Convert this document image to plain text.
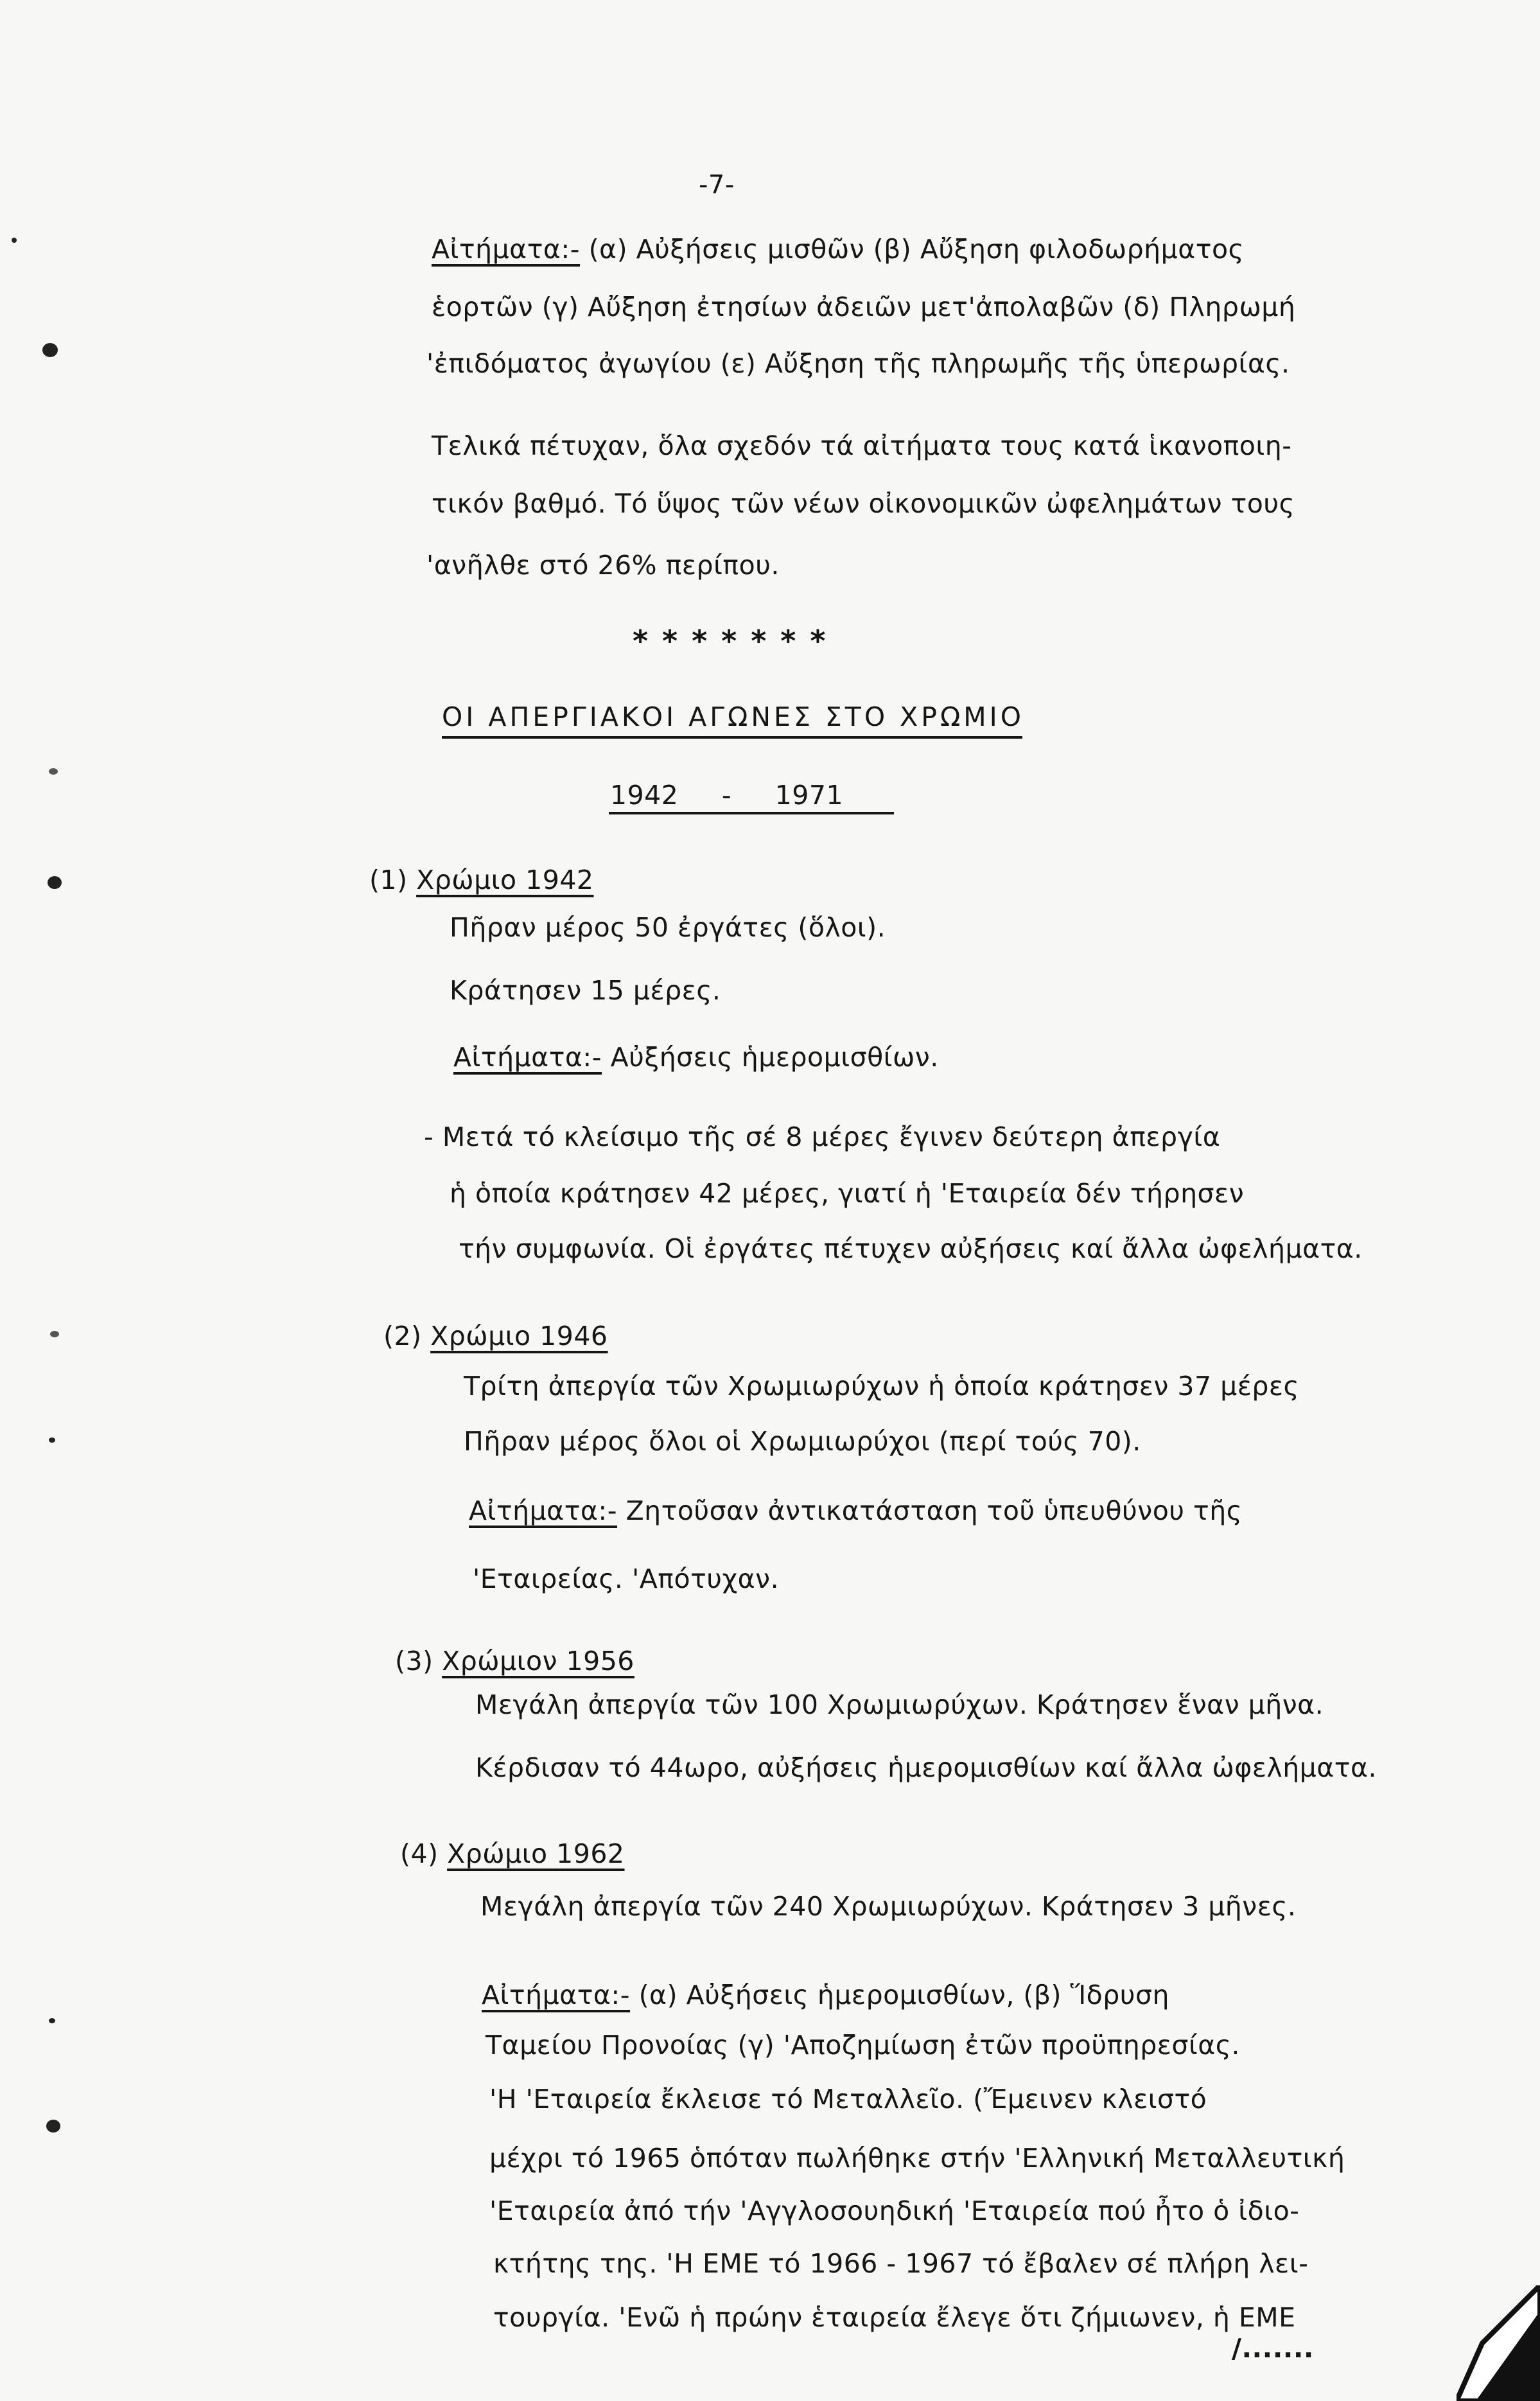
-7-
Αἰτήματα:- (α) Αὐξήσεις μισθῶν (β) Αὔξηση φιλοδωρήματος
ἑορτῶν (γ) Αὔξηση ἐτησίων ἀδειῶν μετ'ἀπολαβῶν (δ) Πληρωμή
'ἐπιδόματος ἀγωγίου (ε) Αὔξηση τῆς πληρωμῆς τῆς ὑπερωρίας.
Τελικά πέτυχαν, ὅλα σχεδόν τά αἰτήματα τους κατά ἱκανοποιη-
τικόν βαθμό. Τό ὕψος τῶν νέων οἰκονομικῶν ὠφελημάτων τους
'ανῆλθε στό 26% περίπου.
*******
ΟΙ ΑΠΕΡΓΙΑΚΟΙ ΑΓΩΝΕΣ ΣΤΟ ΧΡΩΜΙΟ
1942 - 1971
(1) Χρώμιο 1942
Πῆραν μέρος 50 ἐργάτες (ὅλοι).
Κράτησεν 15 μέρες.
Αἰτήματα:- Αὐξήσεις ἡμερομισθίων.
- Μετά τό κλείσιμο τῆς σέ 8 μέρες ἔγινεν δεύτερη ἀπεργία
ἡ ὁποία κράτησεν 42 μέρες, γιατί ἡ 'Εταιρεία δέν τήρησεν
τήν συμφωνία. Οἱ ἐργάτες πέτυχεν αὐξήσεις καί ἄλλα ὠφελήματα.
(2) Χρώμιο 1946
Τρίτη ἀπεργία τῶν Χρωμιωρύχων ἡ ὁποία κράτησεν 37 μέρες
Πῆραν μέρος ὅλοι οἱ Χρωμιωρύχοι (περί τούς 70).
Αἰτήματα:- Ζητοῦσαν ἀντικατάσταση τοῦ ὑπευθύνου τῆς
'Εταιρείας. 'Απότυχαν.
(3) Χρώμιον 1956
Μεγάλη ἀπεργία τῶν 100 Χρωμιωρύχων. Κράτησεν ἕναν μῆνα.
Κέρδισαν τό 44ωρο, αὐξήσεις ἡμερομισθίων καί ἄλλα ὠφελήματα.
(4) Χρώμιο 1962
Μεγάλη ἀπεργία τῶν 240 Χρωμιωρύχων. Κράτησεν 3 μῆνες.
Αἰτήματα:- (α) Αὐξήσεις ἡμερομισθίων, (β) Ἵδρυση
Ταμείου Προνοίας (γ) 'Αποζημίωση ἐτῶν προϋπηρεσίας.
'Η 'Εταιρεία ἔκλεισε τό Μεταλλεῖο. (Ἔμεινεν κλειστό
μέχρι τό 1965 ὁπόταν πωλήθηκε στήν 'Ελληνική Μεταλλευτική
'Εταιρεία ἀπό τήν 'Αγγλοσουηδική 'Εταιρεία πού ἦτο ὁ ἰδιο-
κτήτης της. 'Η ΕΜΕ τό 1966 - 1967 τό ἔβαλεν σέ πλήρη λει-
τουργία. 'Ενῶ ἡ πρώην ἑταιρεία ἔλεγε ὅτι ζήμιωνεν, ἡ ΕΜΕ
/.......
